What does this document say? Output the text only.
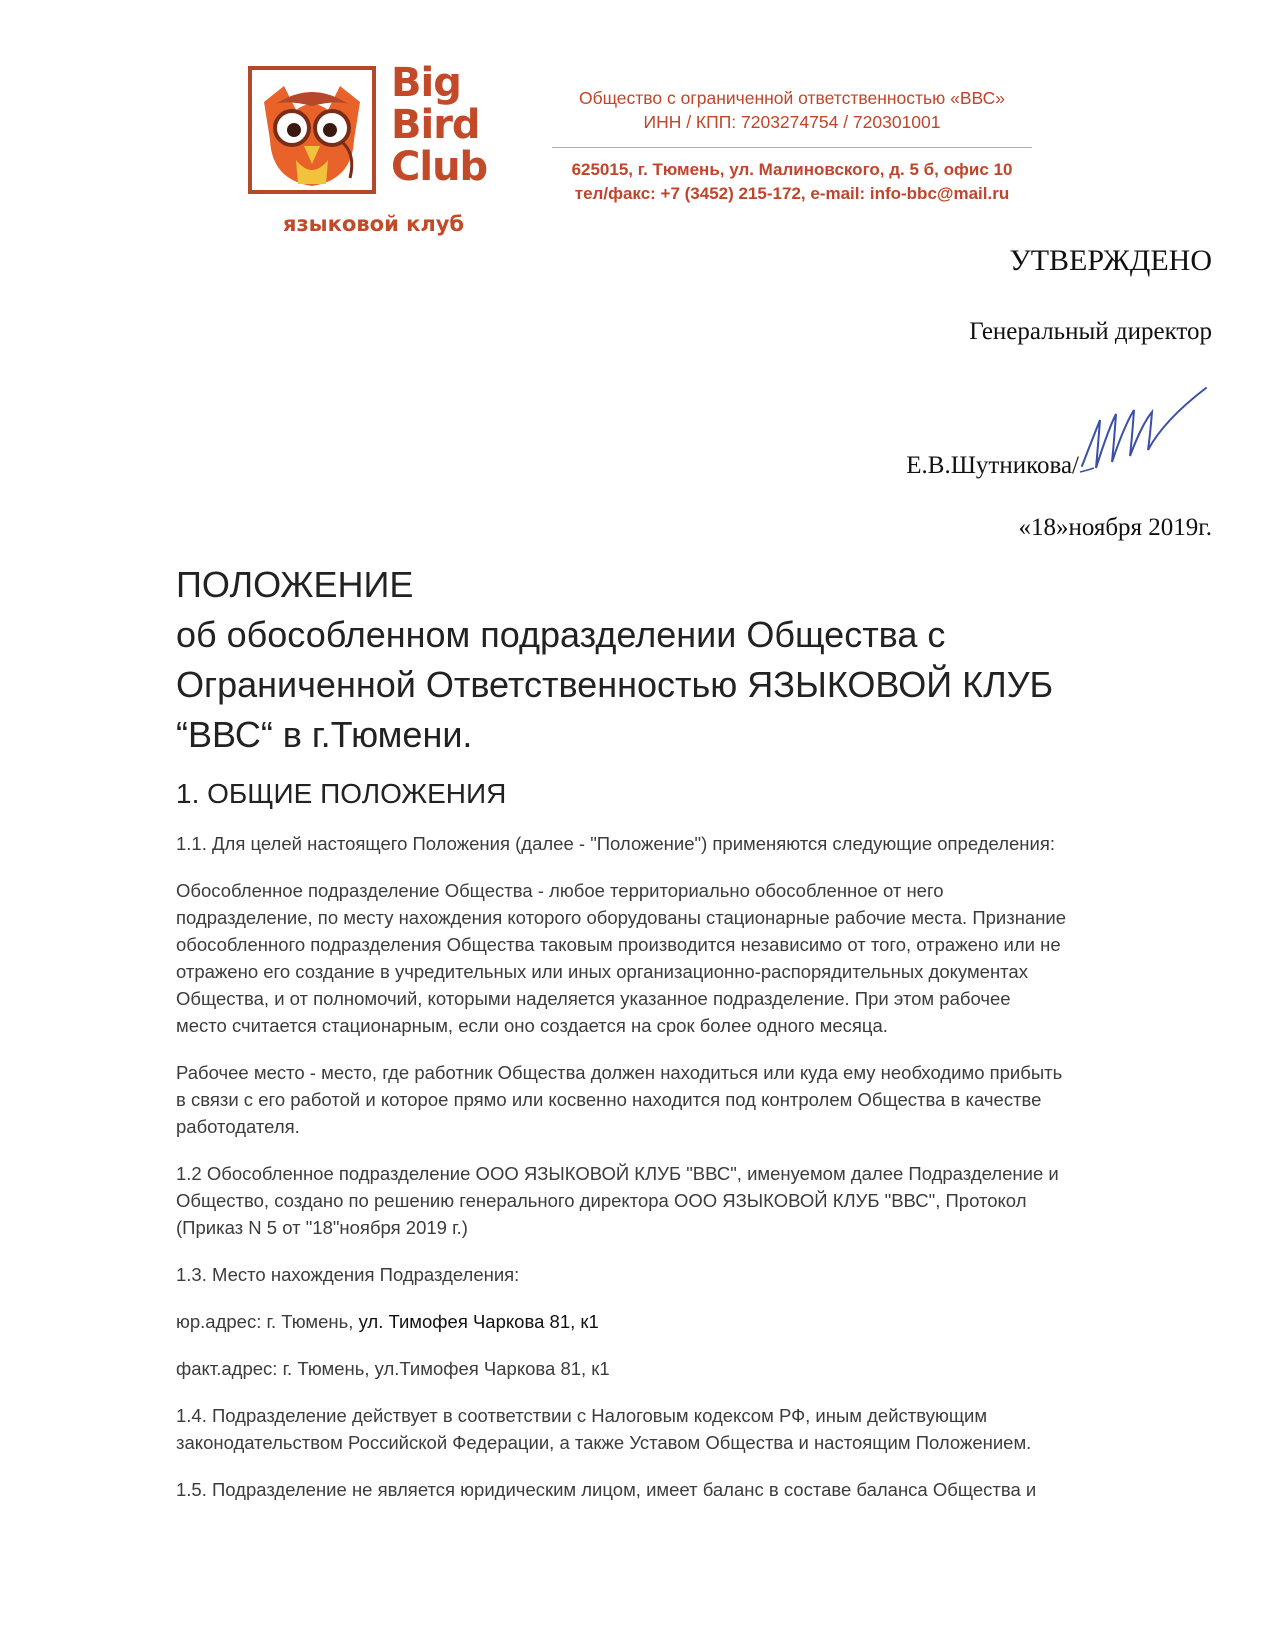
Big
Bird
Club
языковой клуб
Общество с ограниченной ответственностью «ВВС»
ИНН / КПП: 7203274754 / 720301001
625015, г. Тюмень, ул. Малиновского, д. 5 б, офис 10
тел/факс: +7 (3452) 215-172, e-mail: info-bbc@mail.ru
УТВЕРЖДЕНО
Генеральный директор
Е.В.Шутникова/
«18»ноября 2019г.
ПОЛОЖЕНИЕ
об обособленном подразделении Общества с
Ограниченной Ответственностью ЯЗЫКОВОЙ КЛУБ
“ВВС“ в г.Тюмени.
1. ОБЩИЕ ПОЛОЖЕНИЯ

1.1. Для целей настоящего Положения (далее - "Положение") применяются следующие определения:

Обособленное подразделение Общества - любое территориально обособленное от него
подразделение, по месту нахождения которого оборудованы стационарные рабочие места. Признание
обособленного подразделения Общества таковым производится независимо от того, отражено или не
отражено его создание в учредительных или иных организационно-распорядительных документах
Общества, и от полномочий, которыми наделяется указанное подразделение. При этом рабочее
место считается стационарным, если оно создается на срок более одного месяца.

Рабочее место - место, где работник Общества должен находиться или куда ему необходимо прибыть
в связи с его работой и которое прямо или косвенно находится под контролем Общества в качестве
работодателя.

1.2 Обособленное подразделение ООО ЯЗЫКОВОЙ КЛУБ "ВВС", именуемом далее Подразделение и
Общество, создано по решению генерального директора ООО ЯЗЫКОВОЙ КЛУБ "ВВС", Протокол
(Приказ N 5 от "18"ноября 2019 г.)

1.3. Место нахождения Подразделения:

юр.адрес: г. Тюмень, ул. Тимофея Чаркова 81, к1

факт.адрес: г. Тюмень, ул.Тимофея Чаркова 81, к1

1.4. Подразделение действует в соответствии с Налоговым кодексом РФ, иным действующим
законодательством Российской Федерации, а также Уставом Общества и настоящим Положением.

1.5. Подразделение не является юридическим лицом, имеет баланс в составе баланса Общества и
